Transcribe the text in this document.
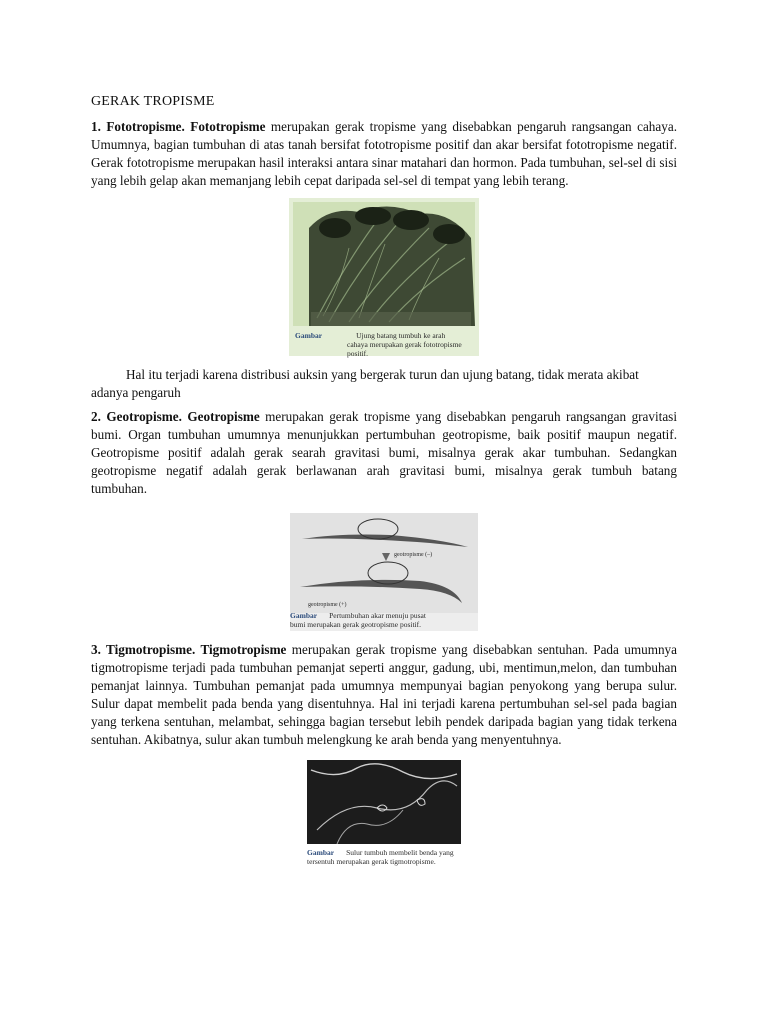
GERAK TROPISME

1. Fototropisme. Fototropisme merupakan gerak tropisme yang disebabkan pengaruh rangsangan cahaya. Umumnya, bagian tumbuhan di atas tanah bersifat fototropisme positif dan akar bersifat fototropisme negatif. Gerak fototropisme merupakan hasil interaksi antara sinar matahari dan hormon. Pada tumbuhan, sel-sel di sisi yang lebih gelap akan memanjang lebih cepat daripada sel-sel di tempat yang lebih terang.

Gambar	Ujung batang tumbuh ke arah
cahaya merupakan gerak fototropisme positif.

Hal itu terjadi karena distribusi auksin yang bergerak turun dan ujung batang, tidak merata akibat adanya pengaruh

2. Geotropisme. Geotropisme merupakan gerak tropisme yang disebabkan pengaruh rangsangan gravitasi bumi. Organ tumbuhan umumnya menunjukkan pertumbuhan geotropisme, baik positif maupun negatif. Geotropisme positif adalah gerak searah gravitasi bumi, misalnya gerak akar tumbuhan. Sedangkan geotropisme negatif adalah gerak berlawanan arah gravitasi bumi, misalnya gerak tumbuh batang

tumbuhan.

geotropisme (–)
geotropisme (+)
Gambar Pertumbuhan akar menuju pusat
bumi merupakan gerak geotropisme positif.

3. Tigmotropisme. Tigmotropisme merupakan gerak tropisme yang disebabkan sentuhan. Pada umumnya tigmotropisme terjadi pada tumbuhan pemanjat seperti anggur, gadung, ubi, mentimun,melon, dan tumbuhan pemanjat lainnya. Tumbuhan pemanjat pada umumnya mempunyai bagian penyokong yang berupa sulur. Sulur dapat membelit pada benda yang disentuhnya. Hal ini terjadi karena pertumbuhan sel-sel pada bagian yang terkena sentuhan, melambat, sehingga bagian tersebut lebih pendek daripada bagian yang tidak terkena sentuhan. Akibatnya, sulur akan tumbuh melengkung ke arah benda yang menyentuhnya.

Gambar Sulur tumbuh membelit benda yang
tersentuh merupakan gerak tigmotropisme.
